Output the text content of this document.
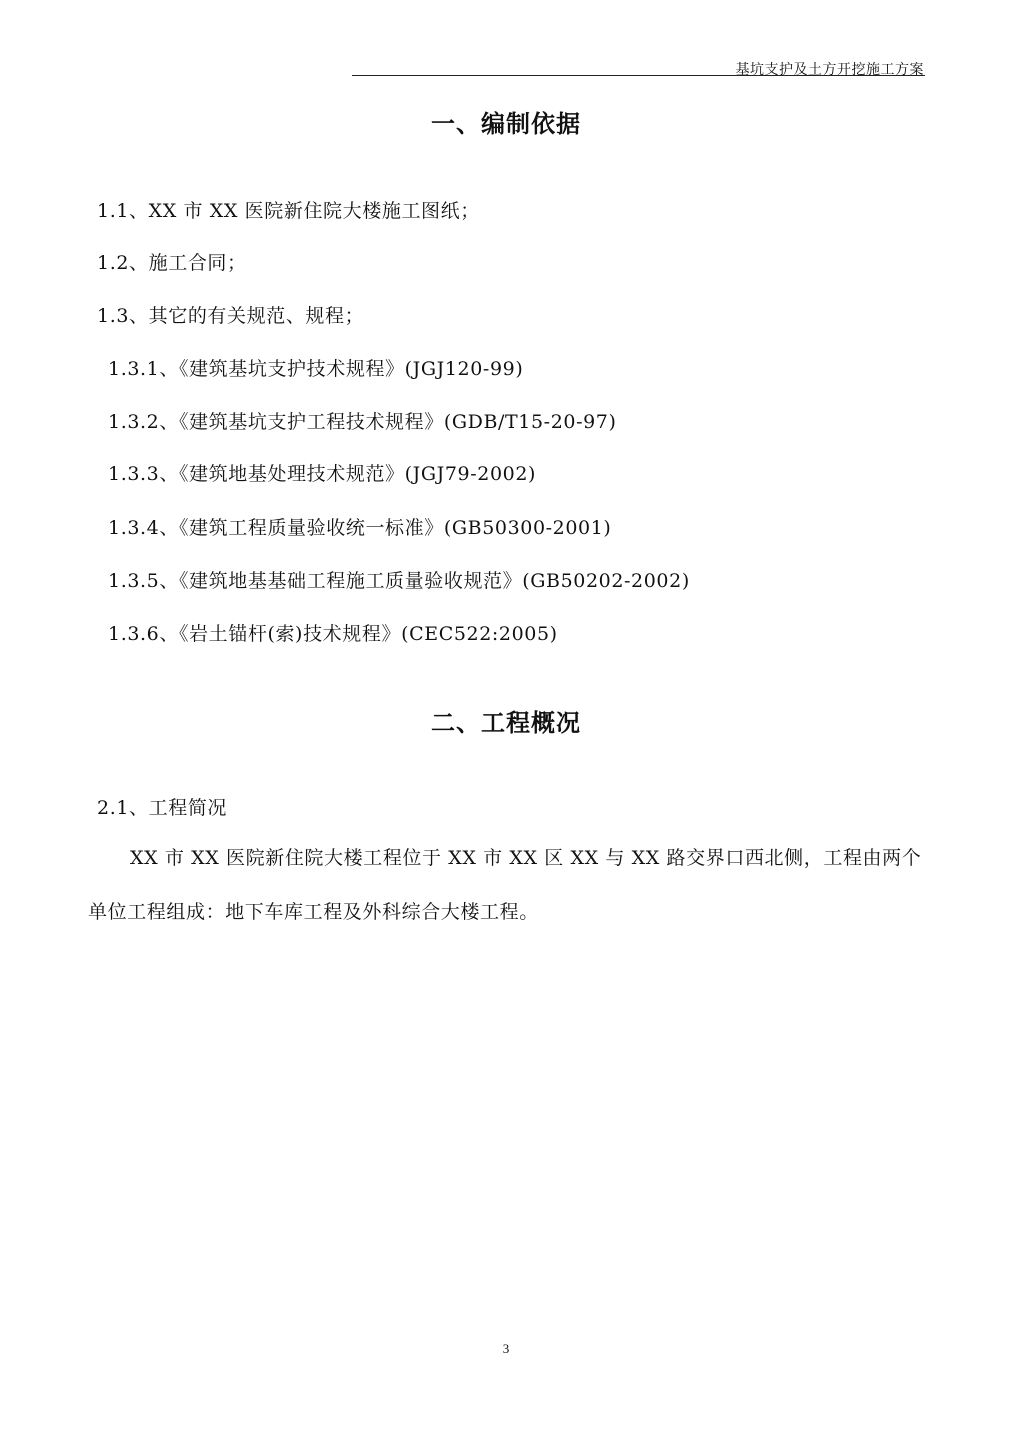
基坑支护及土方开挖施工方案
一、编制依据
1.1、XX 市 XX 医院新住院大楼施工图纸；
1.2、施工合同；
1.3、其它的有关规范、规程；
1.3.1、《建筑基坑支护技术规程》(JGJ120-99)
1.3.2、《建筑基坑支护工程技术规程》(GDB/T15-20-97)
1.3.3、《建筑地基处理技术规范》(JGJ79-2002)
1.3.4、《建筑工程质量验收统一标准》(GB50300-2001)
1.3.5、《建筑地基基础工程施工质量验收规范》(GB50202-2002)
1.3.6、《岩土锚杆(索)技术规程》(CEC522:2005)
二、工程概况
2.1、工程简况
XX 市 XX 医院新住院大楼工程位于 XX 市 XX 区 XX 与 XX 路交界口西北侧，工程由两个单位工程组成：地下车库工程及外科综合大楼工程。
3
